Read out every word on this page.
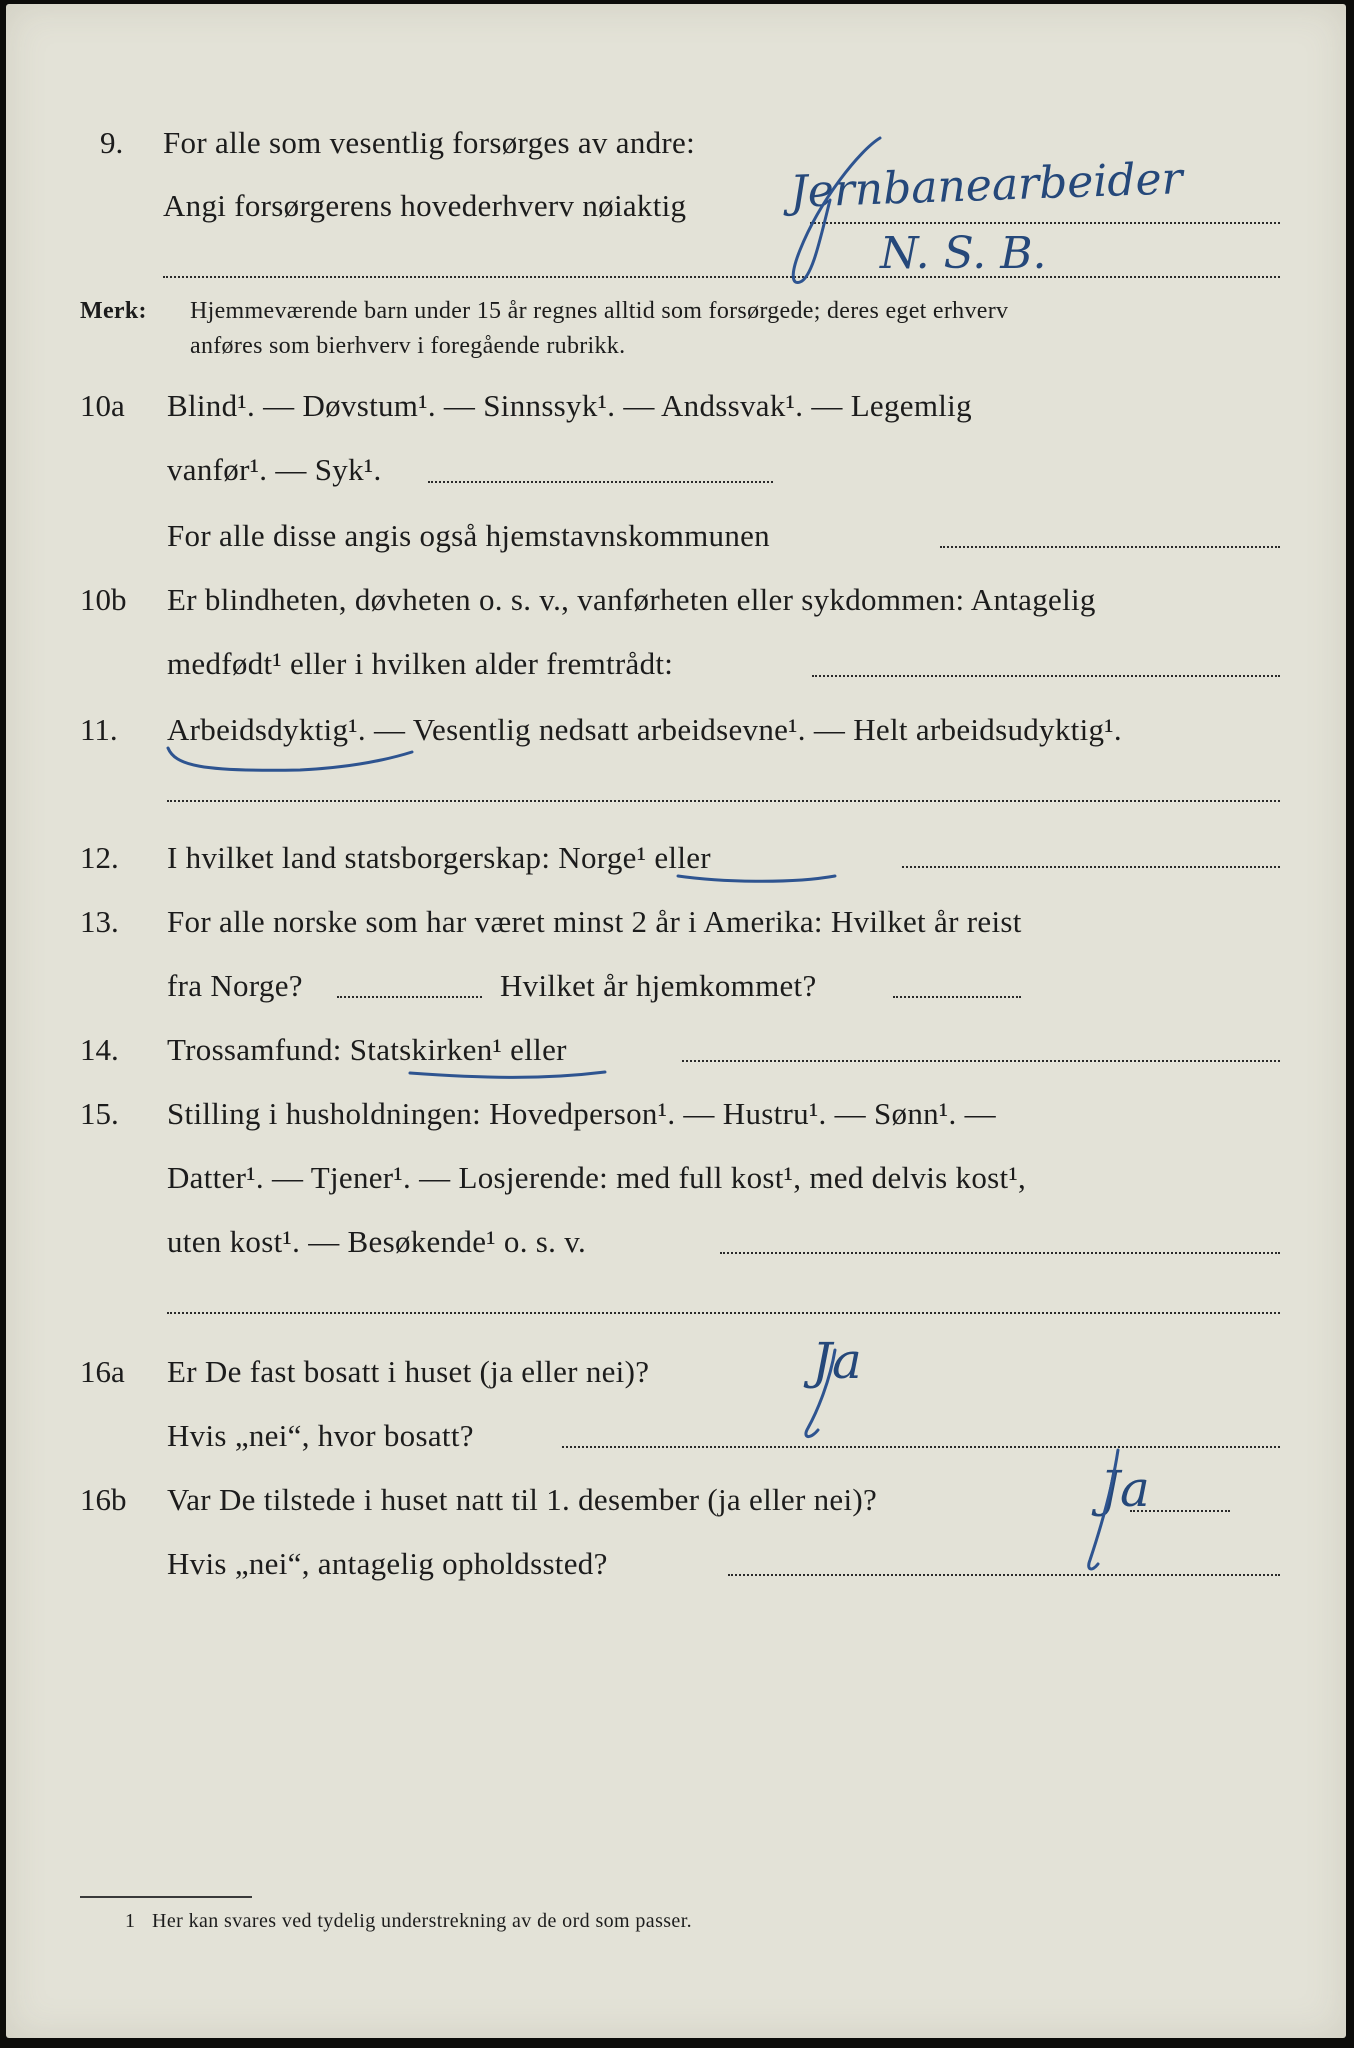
9. For alle som vesentlig forsørges av andre:
Angi forsørgerens hovederhverv nøiaktig Jernbanearbeider
N. S. B.
Merk: Hjemmeværende barn under 15 år regnes alltid som forsørgede; deres eget erhverv
anføres som bierhverv i foregående rubrikk.
10a Blind¹. — Døvstum¹. — Sinnssyk¹. — Andssvak¹. — Legemlig
vanfør¹. — Syk¹.
For alle disse angis også hjemstavnskommunen
10b Er blindheten, døvheten o. s. v., vanførheten eller sykdommen: Antagelig
medfødt¹ eller i hvilken alder fremtrådt:
11. Arbeidsdyktig¹. — Vesentlig nedsatt arbeidsevne¹. — Helt arbeidsudyktig¹.
12. I hvilket land statsborgerskap: Norge¹ eller
13. For alle norske som har været minst 2 år i Amerika: Hvilket år reist
fra Norge?	Hvilket år hjemkommet?
14. Trossamfund: Statskirken¹ eller
15. Stilling i husholdningen: Hovedperson¹. — Hustru¹. — Sønn¹. —
Datter¹. — Tjener¹. — Losjerende: med full kost¹, med delvis kost¹,
uten kost¹. — Besøkende¹ o. s. v.
16a Er De fast bosatt i huset (ja eller nei)?	Ja
Hvis „nei“, hvor bosatt?
16b Var De tilstede i huset natt til 1. desember (ja eller nei)?	Ja
Hvis „nei“, antagelig opholdssted?
1 Her kan svares ved tydelig understrekning av de ord som passer.
